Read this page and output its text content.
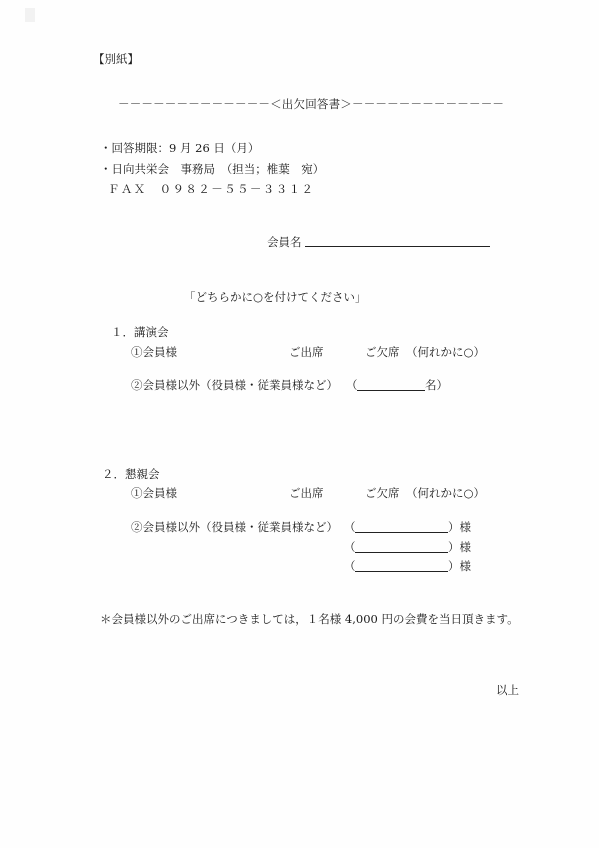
【別紙】
－－－－－－－－－－－－－＜出欠回答書＞－－－－－－－－－－－－－
・回答期限：9 月 26 日（月）
・日向共栄会　事務局　（担当；椎葉　宛）
ＦＡＸ　０９８２－５５－３３１２
会員名
「どちらかに○を付けてください」
１．講演会
①会員様	ご出席	ご欠席 （何れかに○）
②会員様以外（役員様・従業員様など） （	名）
２．懇親会
①会員様	ご出席	ご欠席 （何れかに○）
②会員様以外（役員様・従業員様など） （	）様
（	）様
（	）様
＊会員様以外のご出席につきましては，１名様 4,000 円の会費を当日頂きます。
以上
